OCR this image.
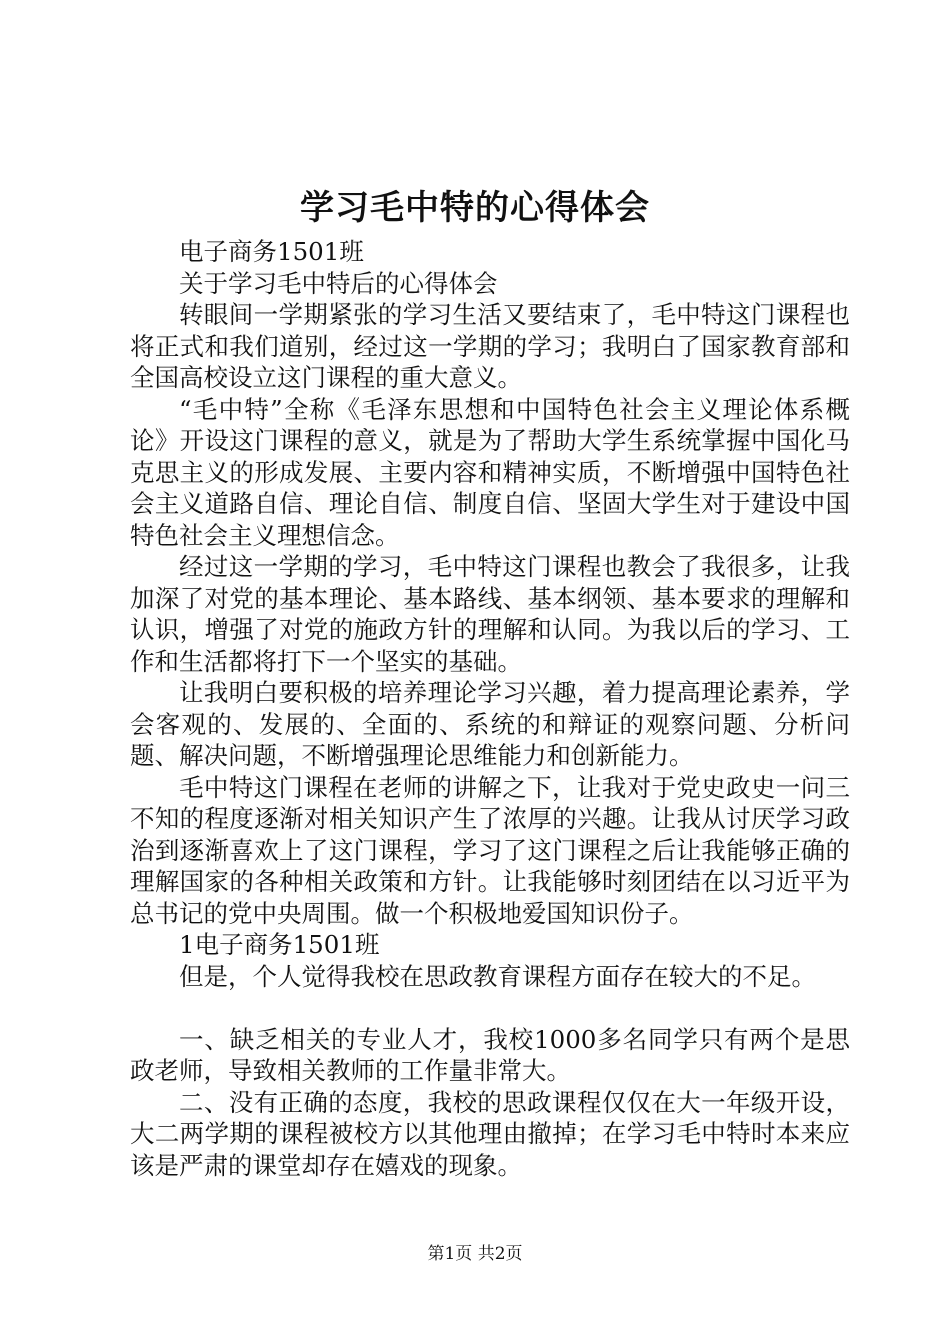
学习毛中特的心得体会

电子商务1501班

关于学习毛中特后的心得体会

转眼间一学期紧张的学习生活又要结束了，毛中特这门课程也将正式和我们道别，经过这一学期的学习；我明白了国家教育部和全国高校设立这门课程的重大意义。

“毛中特”全称《毛泽东思想和中国特色社会主义理论体系概论》开设这门课程的意义，就是为了帮助大学生系统掌握中国化马克思主义的形成发展、主要内容和精神实质，不断增强中国特色社会主义道路自信、理论自信、制度自信、坚固大学生对于建设中国特色社会主义理想信念。

经过这一学期的学习，毛中特这门课程也教会了我很多，让我加深了对党的基本理论、基本路线、基本纲领、基本要求的理解和认识，增强了对党的施政方针的理解和认同。为我以后的学习、工作和生活都将打下一个坚实的基础。

让我明白要积极的培养理论学习兴趣，着力提高理论素养，学会客观的、发展的、全面的、系统的和辩证的观察问题、分析问题、解决问题，不断增强理论思维能力和创新能力。

毛中特这门课程在老师的讲解之下，让我对于党史政史一问三不知的程度逐渐对相关知识产生了浓厚的兴趣。让我从讨厌学习政治到逐渐喜欢上了这门课程，学习了这门课程之后让我能够正确的理解国家的各种相关政策和方针。让我能够时刻团结在以习近平为总书记的党中央周围。做一个积极地爱国知识份子。

1电子商务1501班

但是，个人觉得我校在思政教育课程方面存在较大的不足。

一、缺乏相关的专业人才，我校1000多名同学只有两个是思政老师，导致相关教师的工作量非常大。

二、没有正确的态度，我校的思政课程仅仅在大一年级开设，大二两学期的课程被校方以其他理由撤掉；在学习毛中特时本来应该是严肃的课堂却存在嬉戏的现象。

第1页 共2页
